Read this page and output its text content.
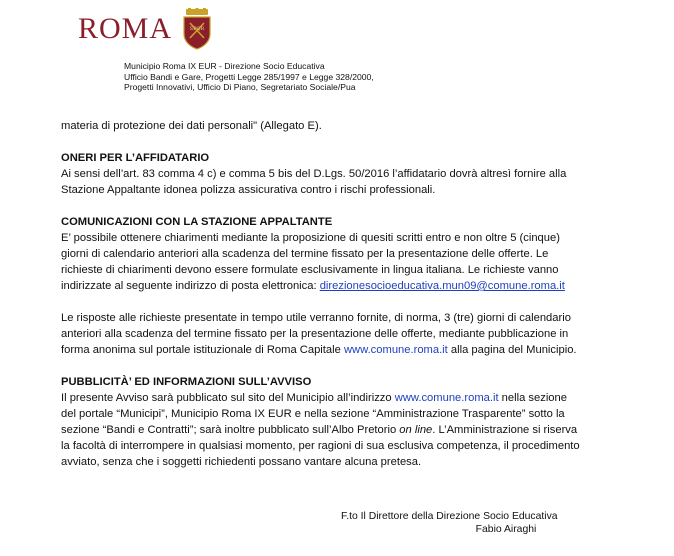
ROMA	SPQR
Municipio Roma IX EUR - Direzione Socio Educativa
Ufficio Bandi e Gare, Progetti Legge 285/1997 e Legge 328/2000,
Progetti Innovativi, Ufficio Di Piano, Segretariato Sociale/Pua

materia di protezione dei dati personali" (Allegato E).

ONERI PER L’AFFIDATARIO

Ai sensi dell’art. 83 comma 4 c) e comma 5 bis del D.Lgs. 50/2016 l’affidatario dovrà altresì fornire alla

Stazione Appaltante idonea polizza assicurativa contro i rischi professionali.

COMUNICAZIONI CON LA STAZIONE APPALTANTE

E’ possibile ottenere chiarimenti mediante la proposizione di quesiti scritti entro e non oltre 5 (cinque)

giorni di calendario anteriori alla scadenza del termine fissato per la presentazione delle offerte. Le

richieste di chiarimenti devono essere formulate esclusivamente in lingua italiana. Le richieste vanno

indirizzate al seguente indirizzo di posta elettronica: direzionesocioeducativa.mun09@comune.roma.it

Le risposte alle richieste presentate in tempo utile verranno fornite, di norma, 3 (tre) giorni di calendario

anteriori alla scadenza del termine fissato per la presentazione delle offerte, mediante pubblicazione in

forma anonima sul portale istituzionale di Roma Capitale www.comune.roma.it alla pagina del Municipio.

PUBBLICITÀ’ ED INFORMAZIONI SULL’AVVISO

Il presente Avviso sarà pubblicato sul sito del Municipio all’indirizzo www.comune.roma.it nella sezione

del portale “Municipi”, Municipio Roma IX EUR e nella sezione “Amministrazione Trasparente” sotto la

sezione “Bandi e Contratti”; sarà inoltre pubblicato sull’Albo Pretorio on line. L’Amministrazione si riserva

la facoltà di interrompere in qualsiasi momento, per ragioni di sua esclusiva competenza, il procedimento

avviato, senza che i soggetti richiedenti possano vantare alcuna pretesa.

F.to Il Direttore della Direzione Socio Educativa
Fabio Airaghi
